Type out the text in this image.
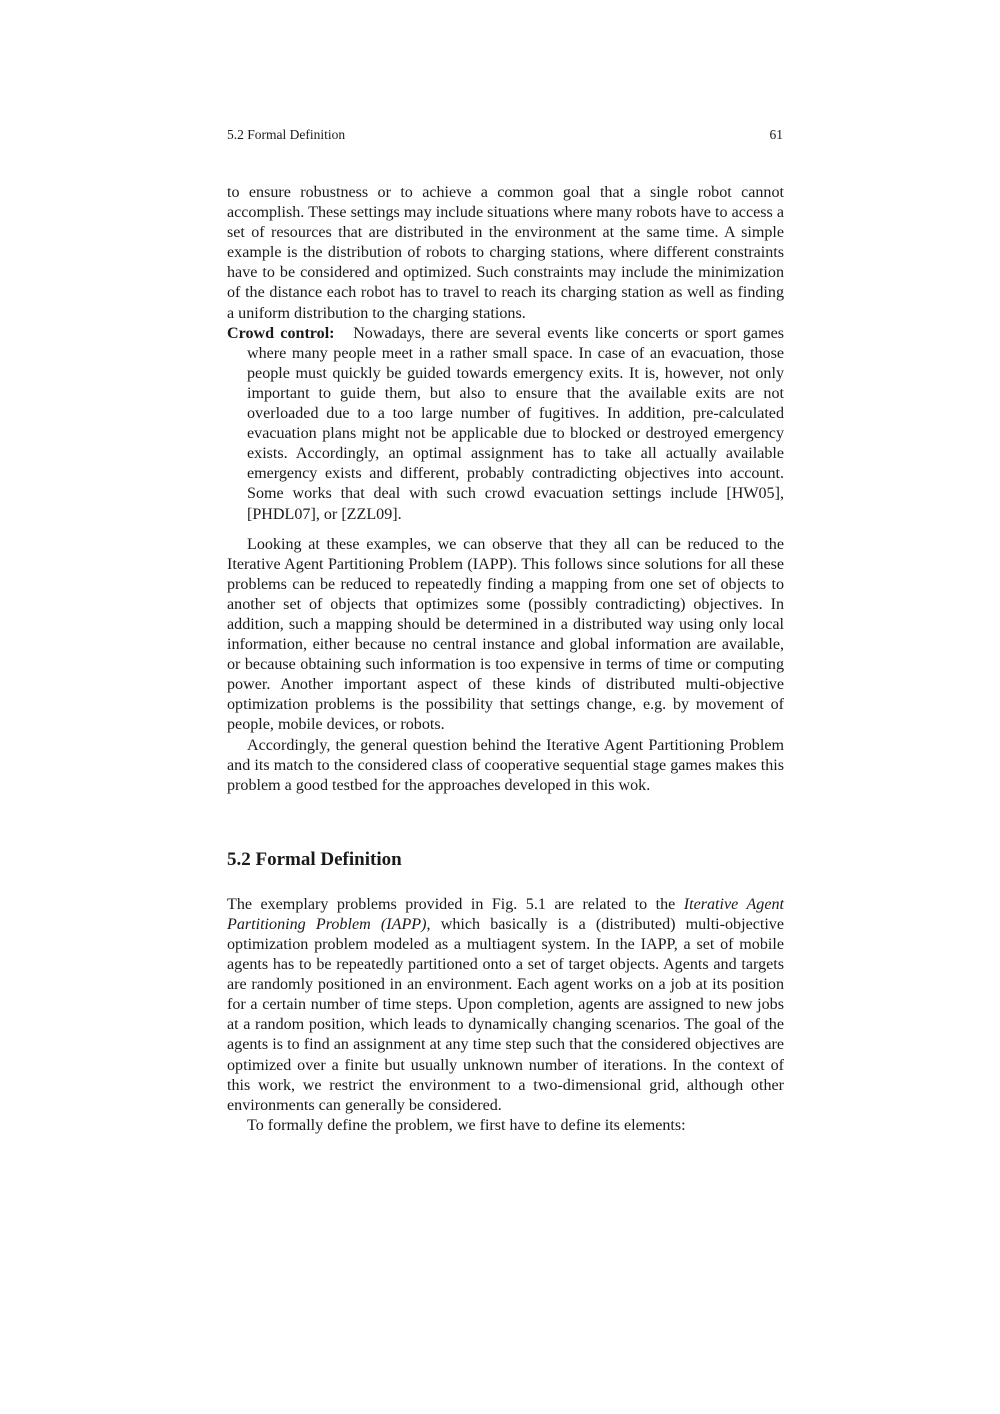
5.2 Formal Definition	61

to ensure robustness or to achieve a common goal that a single robot cannot accomplish. These settings may include situations where many robots have to access a set of resources that are distributed in the environment at the same time. A simple example is the distribution of robots to charging stations, where different constraints have to be considered and optimized. Such constraints may include the minimization of the distance each robot has to travel to reach its charging station as well as finding a uniform distribution to the charging stations.

Crowd control: Nowadays, there are several events like concerts or sport games where many people meet in a rather small space. In case of an evacuation, those people must quickly be guided towards emergency exits. It is, however, not only important to guide them, but also to ensure that the available exits are not overloaded due to a too large number of fugitives. In addition, pre-calculated evacuation plans might not be applicable due to blocked or destroyed emergency exists. Accordingly, an optimal assignment has to take all actually available emergency exists and different, probably contradicting objectives into account. Some works that deal with such crowd evacuation settings include [HW05], [PHDL07], or [ZZL09].

Looking at these examples, we can observe that they all can be reduced to the Iterative Agent Partitioning Problem (IAPP). This follows since solutions for all these problems can be reduced to repeatedly finding a mapping from one set of objects to another set of objects that optimizes some (possibly contradicting) objectives. In addition, such a mapping should be determined in a distributed way using only local information, either because no central instance and global information are available, or because obtaining such information is too expensive in terms of time or computing power. Another important aspect of these kinds of distributed multi-objective optimization problems is the possibility that settings change, e.g. by movement of people, mobile devices, or robots.

Accordingly, the general question behind the Iterative Agent Partitioning Problem and its match to the considered class of cooperative sequential stage games makes this problem a good testbed for the approaches developed in this wok.

5.2 Formal Definition

The exemplary problems provided in Fig. 5.1 are related to the Iterative Agent Partitioning Problem (IAPP), which basically is a (distributed) multi-objective optimization problem modeled as a multiagent system. In the IAPP, a set of mobile agents has to be repeatedly partitioned onto a set of target objects. Agents and targets are randomly positioned in an environment. Each agent works on a job at its position for a certain number of time steps. Upon completion, agents are assigned to new jobs at a random position, which leads to dynamically changing scenarios. The goal of the agents is to find an assignment at any time step such that the considered objectives are optimized over a finite but usually unknown number of iterations. In the context of this work, we restrict the environment to a two-dimensional grid, although other environments can generally be considered.

To formally define the problem, we first have to define its elements:
